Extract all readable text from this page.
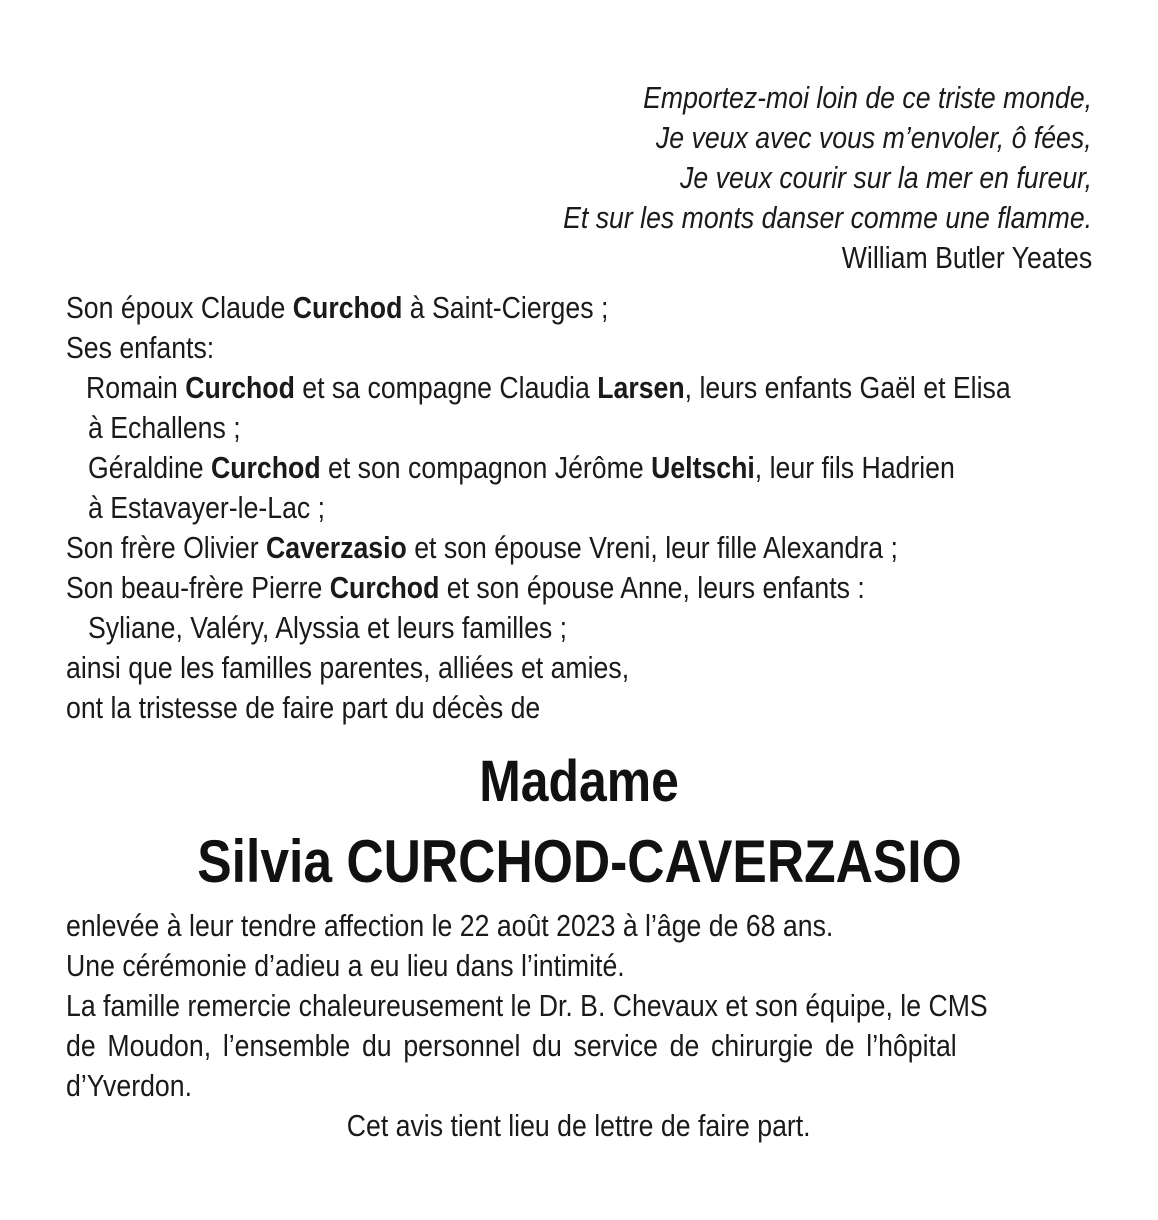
Emportez-moi loin de ce triste monde,
Je veux avec vous m’envoler, ô fées,
Je veux courir sur la mer en fureur,
Et sur les monts danser comme une flamme.
William Butler Yeates
Son époux Claude Curchod à Saint-Cierges ;
Ses enfants:
Romain Curchod et sa compagne Claudia Larsen, leurs enfants Gaël et Elisa
à Echallens ;
Géraldine Curchod et son compagnon Jérôme Ueltschi, leur fils Hadrien
à Estavayer-le-Lac ;
Son frère Olivier Caverzasio et son épouse Vreni, leur fille Alexandra ;
Son beau-frère Pierre Curchod et son épouse Anne, leurs enfants :
Syliane, Valéry, Alyssia et leurs familles ;
ainsi que les familles parentes, alliées et amies,
ont la tristesse de faire part du décès de
Madame
Silvia CURCHOD-CAVERZASIO
enlevée à leur tendre affection le 22 août 2023 à l’âge de 68 ans.
Une cérémonie d’adieu a eu lieu dans l’intimité.
La famille remercie chaleureusement le Dr. B. Chevaux et son équipe, le CMS
de Moudon, l’ensemble du personnel du service de chirurgie de l’hôpital
d’Yverdon.
Cet avis tient lieu de lettre de faire part.
